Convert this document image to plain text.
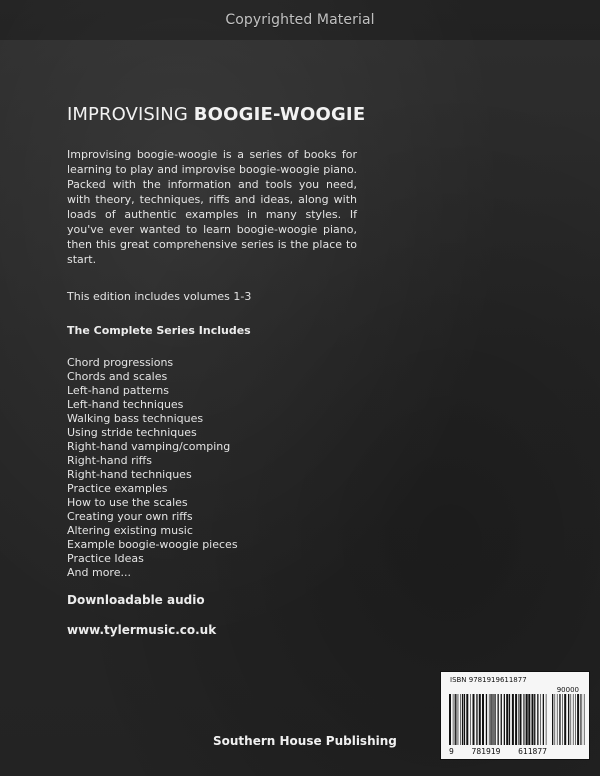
Copyrighted Material
IMPROVISING BOOGIE-WOOGIE

Improvising boogie-woogie is a series of books for learning to play and improvise boogie-woogie piano. Packed with the information and tools you need, with theory, techniques, riffs and ideas, along with loads of authentic examples in many styles. If you've ever wanted to learn boogie-woogie piano, then this great comprehensive series is the place to start.

This edition includes volumes 1-3
The Complete Series Includes
Chord progressions
Chords and scales
Left-hand patterns
Left-hand techniques
Walking bass techniques
Using stride techniques
Right-hand vamping/comping
Right-hand riffs
Right-hand techniques
Practice examples
How to use the scales
Creating your own riffs
Altering existing music
Example boogie-woogie pieces
Practice Ideas
And more...
Downloadable audio
www.tylermusic.co.uk
Southern House Publishing
ISBN 9781919611877
90000
9 781919 611877
